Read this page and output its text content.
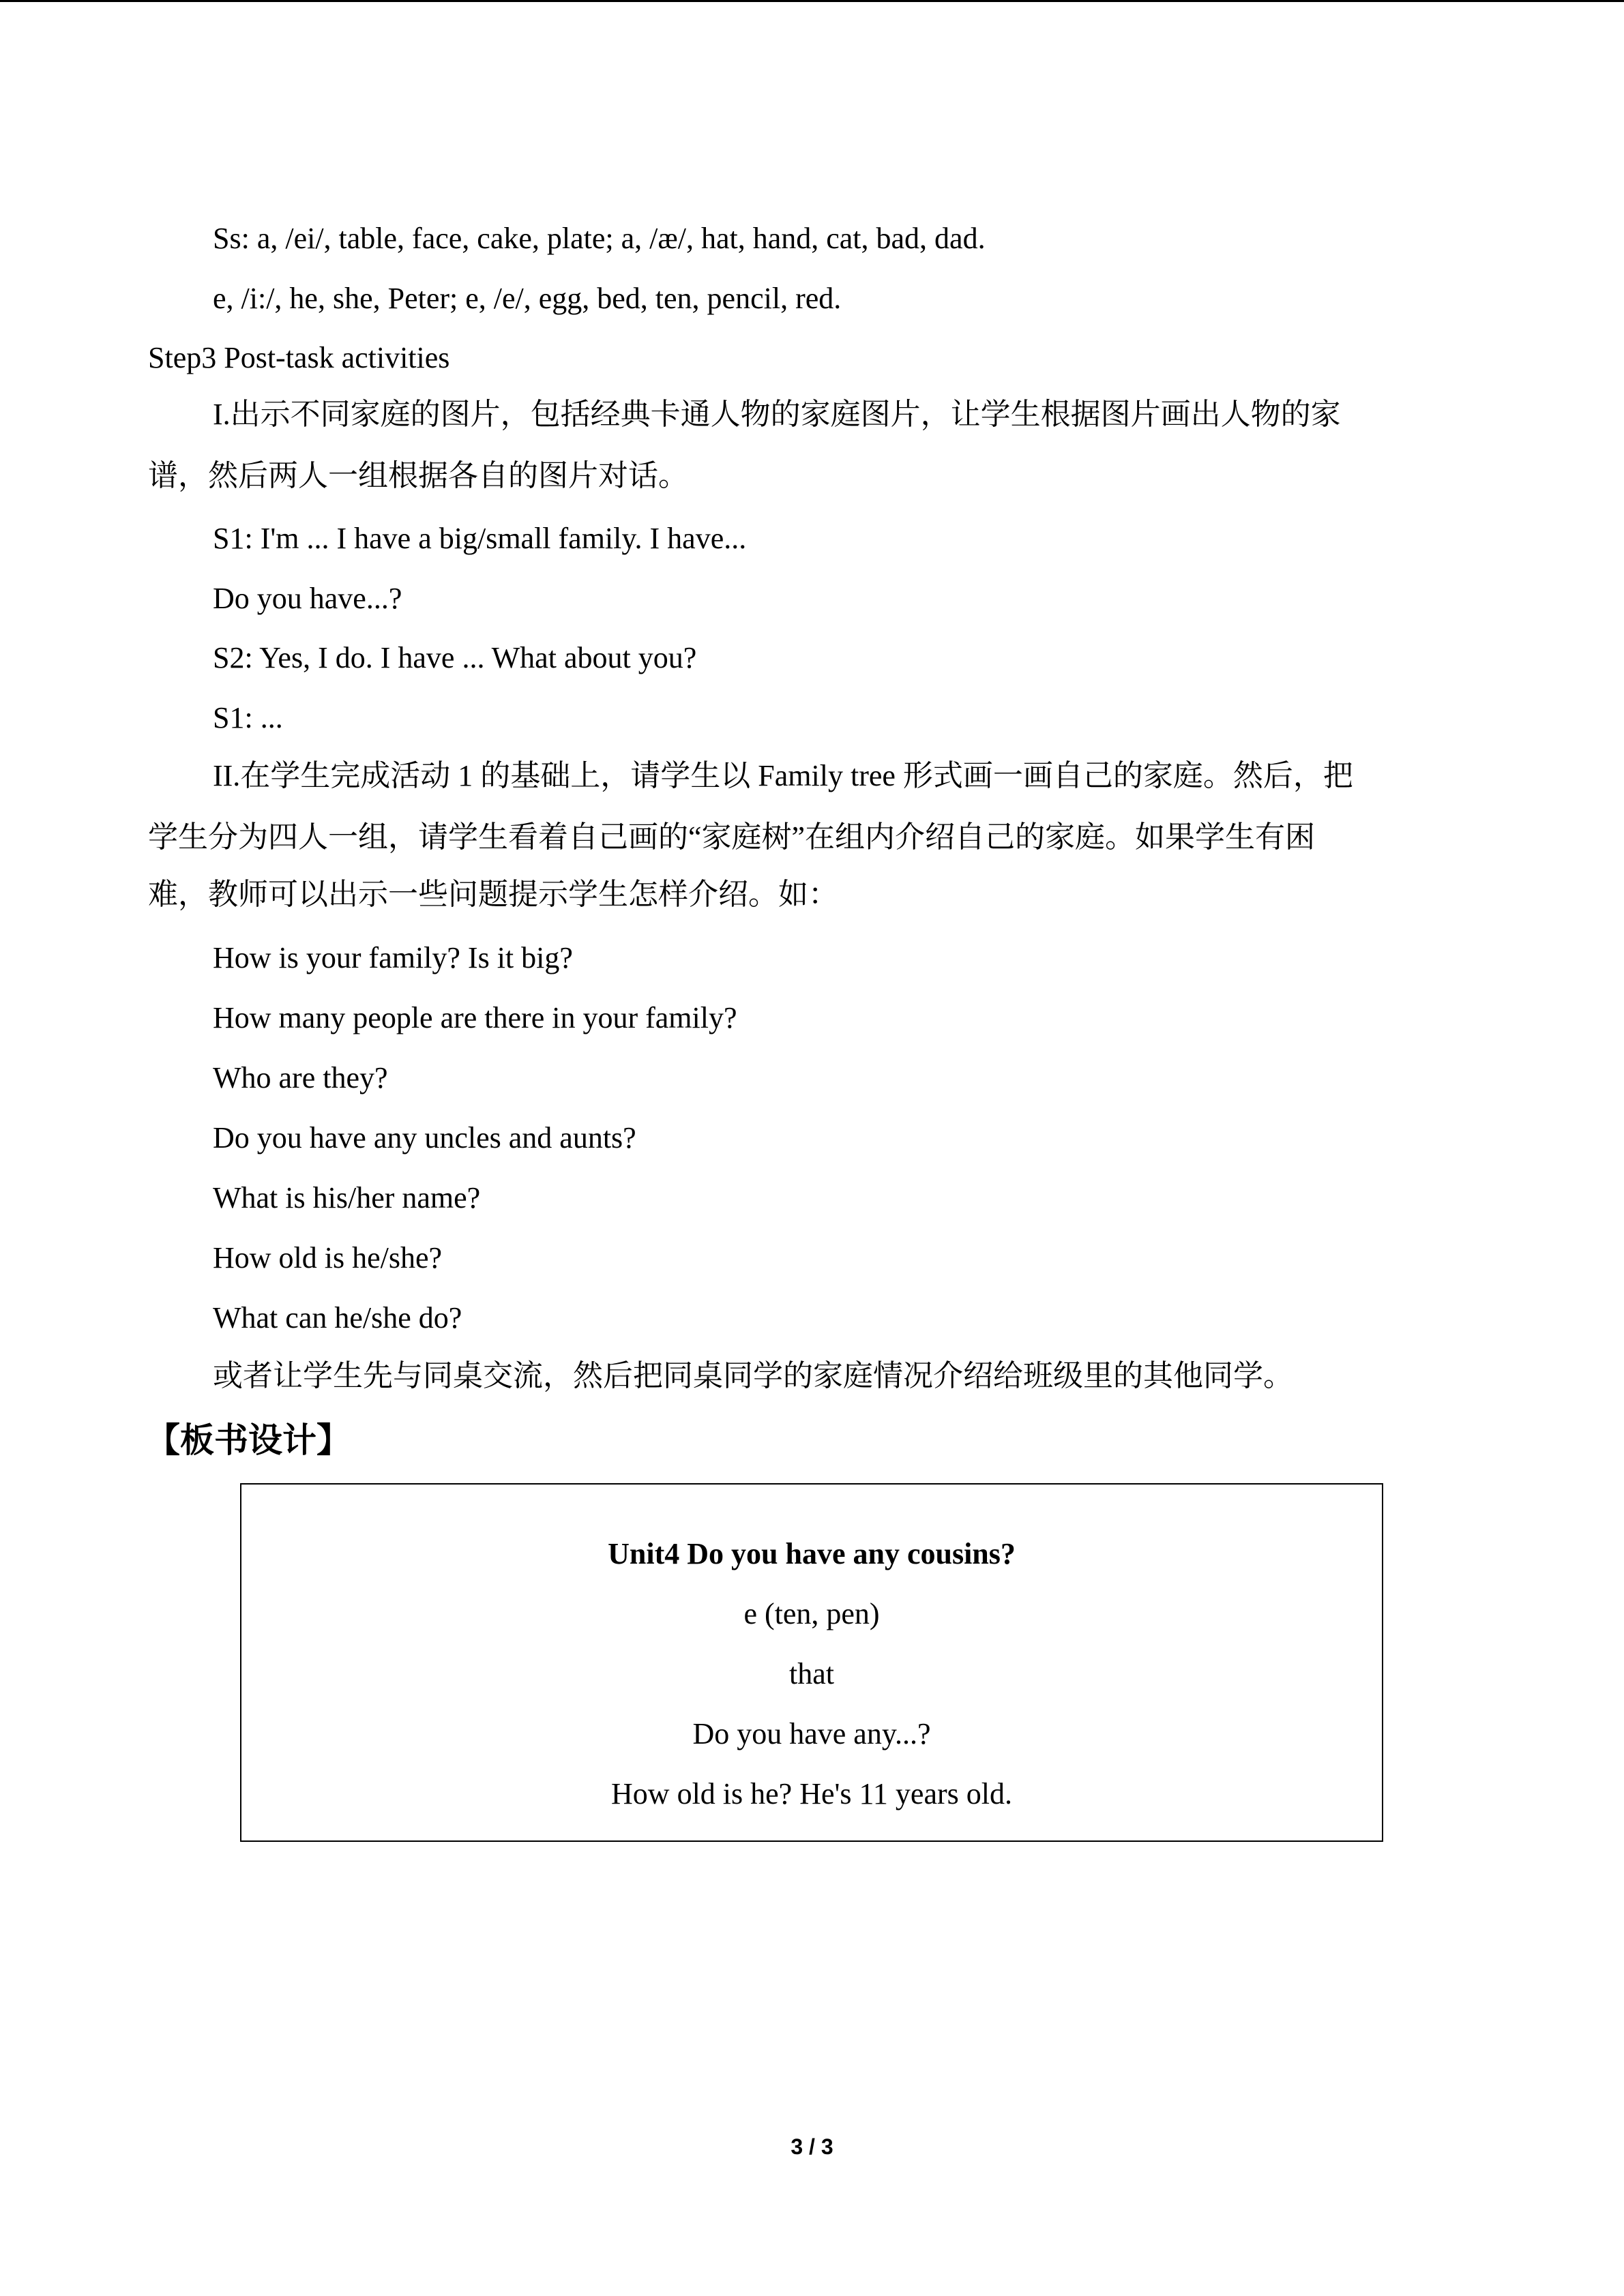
Ss: a, /ei/, table, face, cake, plate; a, /æ/, hat, hand, cat, bad, dad.
e, /i:/, he, she, Peter; e, /e/, egg, bed, ten, pencil, red.
Step3 Post-task activities
I.出示不同家庭的图片，包括经典卡通人物的家庭图片，让学生根据图片画出人物的家
谱，然后两人一组根据各自的图片对话。
S1: I'm ... I have a big/small family. I have...
Do you have...?
S2: Yes, I do. I have ... What about you?
S1: ...
II.在学生完成活动 1 的基础上，请学生以 Family tree 形式画一画自己的家庭。然后，把
学生分为四人一组，请学生看着自己画的“家庭树”在组内介绍自己的家庭。如果学生有困
难，教师可以出示一些问题提示学生怎样介绍。如：
How is your family? Is it big?
How many people are there in your family?
Who are they?
Do you have any uncles and aunts?
What is his/her name?
How old is he/she?
What can he/she do?
或者让学生先与同桌交流，然后把同桌同学的家庭情况介绍给班级里的其他同学。
【板书设计】
Unit4 Do you have any cousins?
e (ten, pen)
that
Do you have any...?
How old is he? He's 11 years old.
3 / 3
